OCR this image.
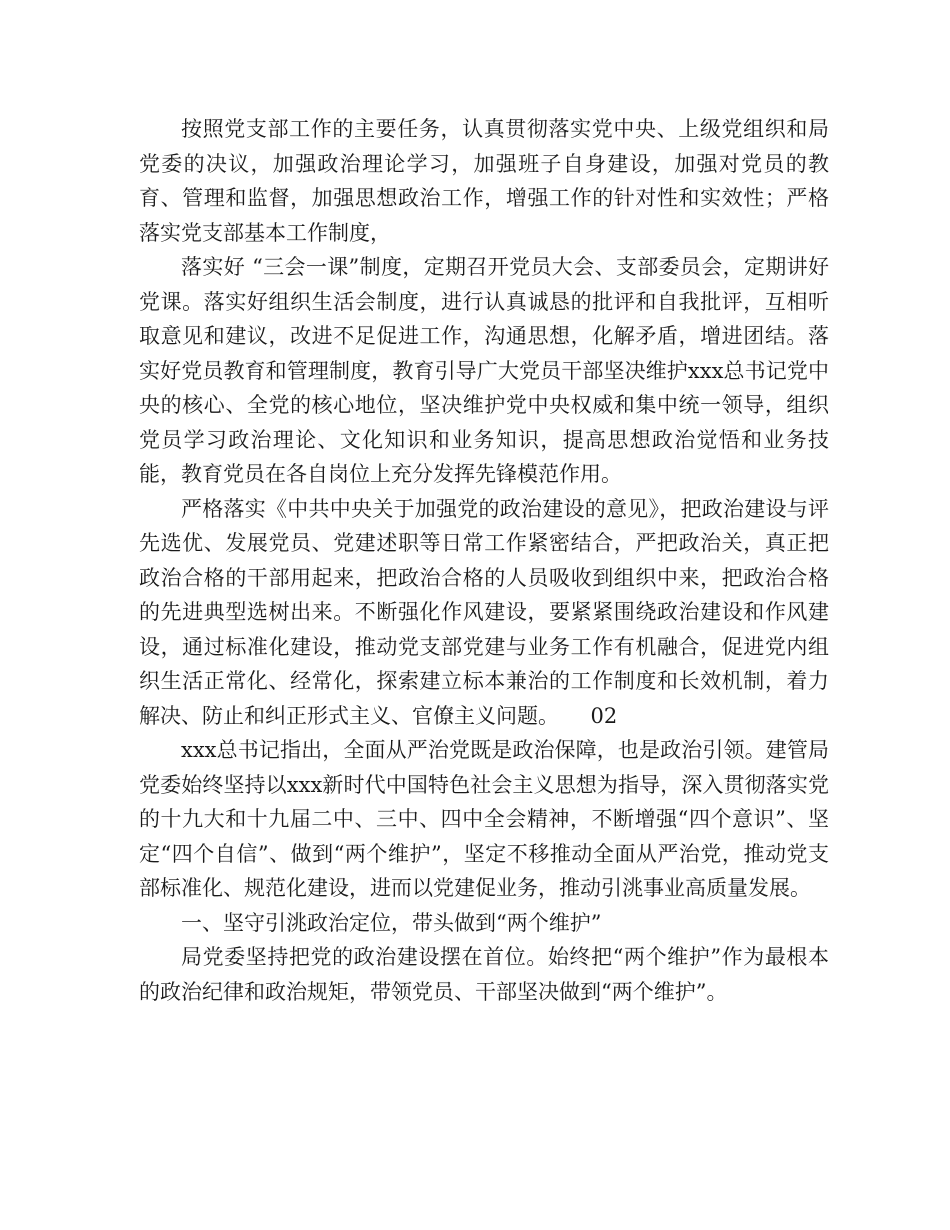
按照党支部工作的主要任务，认真贯彻落实党中央、上级党组织和局党委的决议，加强政治理论学习，加强班子自身建设，加强对党员的教育、管理和监督，加强思想政治工作，增强工作的针对性和实效性；严格落实党支部基本工作制度，

落实好 “三会一课”制度，定期召开党员大会、支部委员会，定期讲好党课。落实好组织生活会制度，进行认真诚恳的批评和自我批评，互相听取意见和建议，改进不足促进工作，沟通思想，化解矛盾，增进团结。落实好党员教育和管理制度，教育引导广大党员干部坚决维护xxx总书记党中央的核心、全党的核心地位，坚决维护党中央权威和集中统一领导，组织党员学习政治理论、文化知识和业务知识，提高思想政治觉悟和业务技能，教育党员在各自岗位上充分发挥先锋模范作用。

严格落实《中共中央关于加强党的政治建设的意见》，把政治建设与评先选优、发展党员、党建述职等日常工作紧密结合，严把政治关，真正把政治合格的干部用起来，把政治合格的人员吸收到组织中来，把政治合格的先进典型选树出来。不断强化作风建设，要紧紧围绕政治建设和作风建设，通过标准化建设，推动党支部党建与业务工作有机融合，促进党内组织生活正常化、经常化，探索建立标本兼治的工作制度和长效机制，着力解决、防止和纠正形式主义、官僚主义问题。　　02

xxx总书记指出，全面从严治党既是政治保障，也是政治引领。建管局党委始终坚持以xxx新时代中国特色社会主义思想为指导，深入贯彻落实党的十九大和十九届二中、三中、四中全会精神，不断增强“四个意识”、坚定“四个自信”、做到“两个维护”，坚定不移推动全面从严治党，推动党支部标准化、规范化建设，进而以党建促业务，推动引洮事业高质量发展。

一、坚守引洮政治定位，带头做到“两个维护”

局党委坚持把党的政治建设摆在首位。始终把“两个维护”作为最根本的政治纪律和政治规矩，带领党员、干部坚决做到“两个维护”。
